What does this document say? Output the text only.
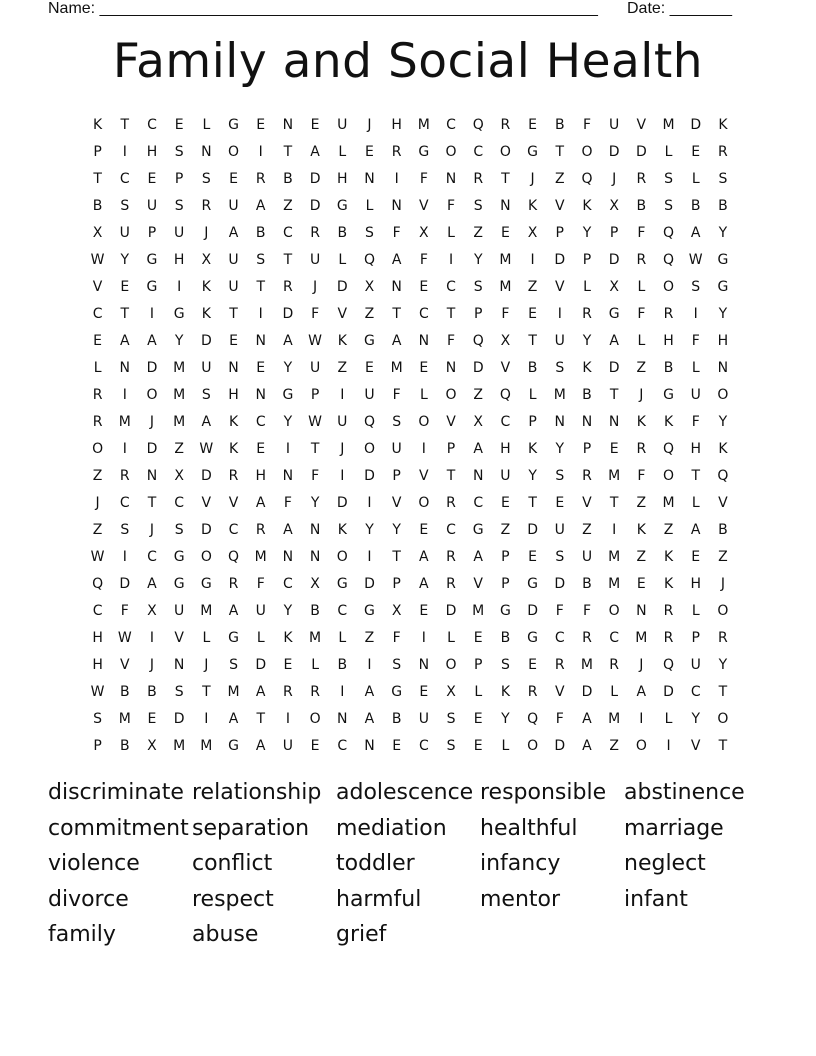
Name: ________________________________________________________ Date: _______
Family and Social Health
K	T	C	E	L	G	E	N	E	U	J	H	M	C	Q	R	E	B	F	U	V	M	D	K
P	I	H	S	N	O	I	T	A	L	E	R	G	O	C	O	G	T	O	D	D	L	E	R
T	C	E	P	S	E	R	B	D	H	N	I	F	N	R	T	J	Z	Q	J	R	S	L	S
B	S	U	S	R	U	A	Z	D	G	L	N	V	F	S	N	K	V	K	X	B	S	B	B
X	U	P	U	J	A	B	C	R	B	S	F	X	L	Z	E	X	P	Y	P	F	Q	A	Y
W	Y	G	H	X	U	S	T	U	L	Q	A	F	I	Y	M	I	D	P	D	R	Q	W	G
V	E	G	I	K	U	T	R	J	D	X	N	E	C	S	M	Z	V	L	X	L	O	S	G
C	T	I	G	K	T	I	D	F	V	Z	T	C	T	P	F	E	I	R	G	F	R	I	Y
E	A	A	Y	D	E	N	A	W	K	G	A	N	F	Q	X	T	U	Y	A	L	H	F	H
L	N	D	M	U	N	E	Y	U	Z	E	M	E	N	D	V	B	S	K	D	Z	B	L	N
R	I	O	M	S	H	N	G	P	I	U	F	L	O	Z	Q	L	M	B	T	J	G	U	O
R	M	J	M	A	K	C	Y	W	U	Q	S	O	V	X	C	P	N	N	N	K	K	F	Y
O	I	D	Z	W	K	E	I	T	J	O	U	I	P	A	H	K	Y	P	E	R	Q	H	K
Z	R	N	X	D	R	H	N	F	I	D	P	V	T	N	U	Y	S	R	M	F	O	T	Q
J	C	T	C	V	V	A	F	Y	D	I	V	O	R	C	E	T	E	V	T	Z	M	L	V
Z	S	J	S	D	C	R	A	N	K	Y	Y	E	C	G	Z	D	U	Z	I	K	Z	A	B
W	I	C	G	O	Q	M	N	N	O	I	T	A	R	A	P	E	S	U	M	Z	K	E	Z
Q	D	A	G	G	R	F	C	X	G	D	P	A	R	V	P	G	D	B	M	E	K	H	J
C	F	X	U	M	A	U	Y	B	C	G	X	E	D	M	G	D	F	F	O	N	R	L	O
H	W	I	V	L	G	L	K	M	L	Z	F	I	L	E	B	G	C	R	C	M	R	P	R
H	V	J	N	J	S	D	E	L	B	I	S	N	O	P	S	E	R	M	R	J	Q	U	Y
W	B	B	S	T	M	A	R	R	I	A	G	E	X	L	K	R	V	D	L	A	D	C	T
S	M	E	D	I	A	T	I	O	N	A	B	U	S	E	Y	Q	F	A	M	I	L	Y	O
P	B	X	M	M	G	A	U	E	C	N	E	C	S	E	L	O	D	A	Z	O	I	V	T
discriminate relationship adolescence responsible abstinence
commitment separation	mediation	healthful	marriage
violence	conflict	toddler	infancy	neglect
divorce	respect	harmful	mentor	infant
family	abuse	grief
